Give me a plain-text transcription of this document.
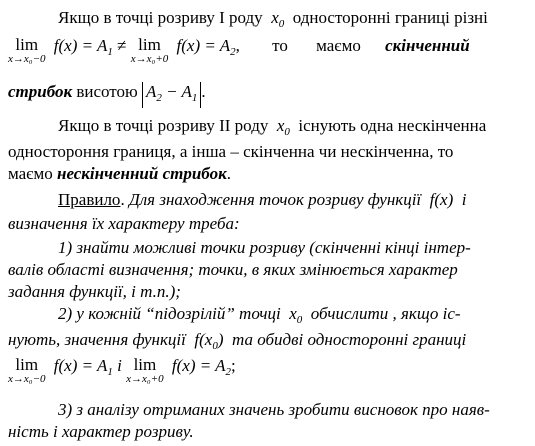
Якщо в точці розриву І роду  $x_0$ односторонні границі різні
lim
x→x₀−0
$f(x) = A_1 \ne \lim$
x→x₀+0
$f(x) = A_2$, то маємо скінченний
стрибок висотою $A_2 - A_1$ .
Якщо в точці розриву ІІ роду  $x_0$ існують одна нескінченна
одностороння границя, а інша – скінченна чи нескінченна, то
маємо нескінченний стрибок.
Правило. Для знаходження точок розриву функції  f(x)  і
визначення їх характеру треба:
1) знайти можливі точки розриву (скінченні кінці інтер-
валів області визначення; точки, в яких змінюється характер
задання функції, і т.п.);
2) у кожній “підозрілій” точці  $x_0$ обчислити , якщо іс-
нують, значення функції  $f(x_0)$  та обидві односторонні границі
lim
x→x₀−0
$f(x) = A_1$ і lim
x→x₀+0
$f(x) = A_2$;
3) з аналізу отриманих значень зробити висновок про наяв-
ність і характер розриву.
